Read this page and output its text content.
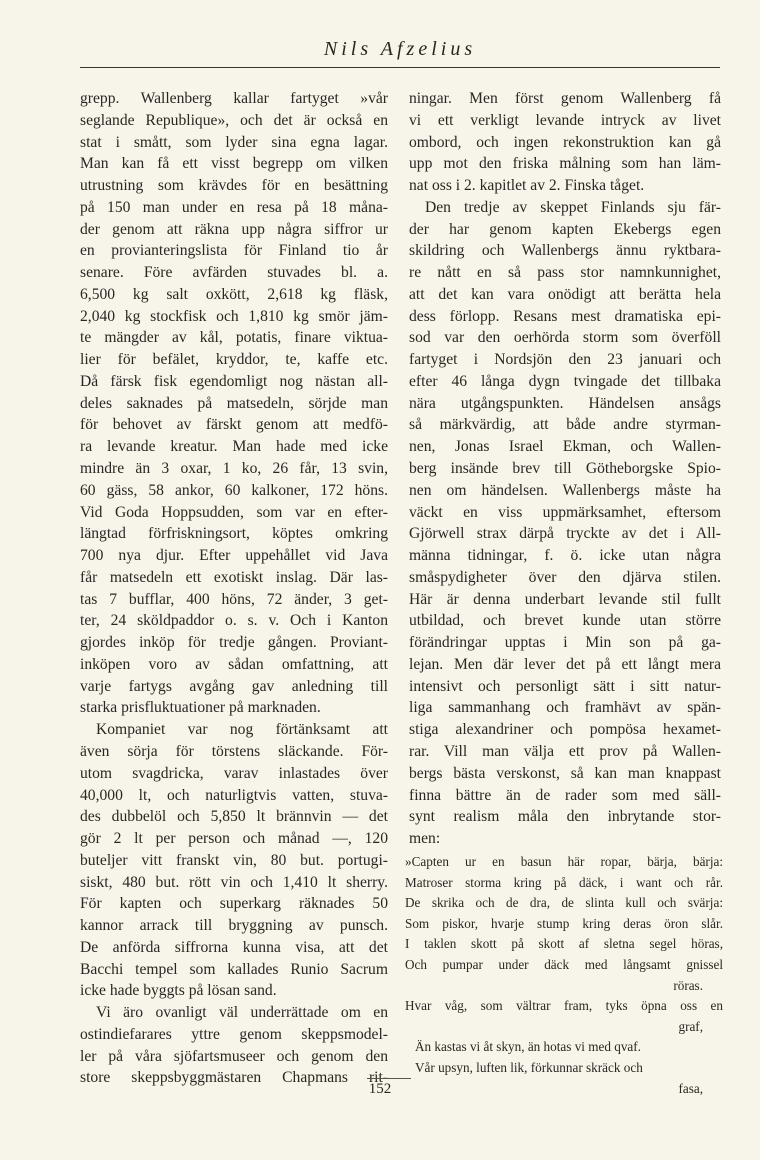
Nils Afzelius
grepp. Wallenberg kallar fartyget »vår
seglande Republique», och det är också en
stat i smått, som lyder sina egna lagar.
Man kan få ett visst begrepp om vilken
utrustning som krävdes för en besättning
på 150 man under en resa på 18 måna-
der genom att räkna upp några siffror ur
en provianteringslista för Finland tio år
senare. Före avfärden stuvades bl. a.
6,500 kg salt oxkött, 2,618 kg fläsk,
2,040 kg stockfisk och 1,810 kg smör jäm-
te mängder av kål, potatis, finare viktua-
lier för befälet, kryddor, te, kaffe etc.
Då färsk fisk egendomligt nog nästan all-
deles saknades på matsedeln, sörjde man
för behovet av färskt genom att medfö-
ra levande kreatur. Man hade med icke
mindre än 3 oxar, 1 ko, 26 får, 13 svin,
60 gäss, 58 ankor, 60 kalkoner, 172 höns.
Vid Goda Hoppsudden, som var en efter-
längtad förfriskningsort, köptes omkring
700 nya djur. Efter uppehållet vid Java
får matsedeln ett exotiskt inslag. Där las-
tas 7 bufflar, 400 höns, 72 änder, 3 get-
ter, 24 sköldpaddor o. s. v. Och i Kanton
gjordes inköp för tredje gången. Proviant-
inköpen voro av sådan omfattning, att
varje fartygs avgång gav anledning till
starka prisfluktuationer på marknaden.
Kompaniet var nog förtänksamt att
även sörja för törstens släckande. För-
utom svagdricka, varav inlastades över
40,000 lt, och naturligtvis vatten, stuva-
des dubbelöl och 5,850 lt brännvin — det
gör 2 lt per person och månad —, 120
buteljer vitt franskt vin, 80 but. portugi-
siskt, 480 but. rött vin och 1,410 lt sherry.
För kapten och superkarg räknades 50
kannor arrack till bryggning av punsch.
De anförda siffrorna kunna visa, att det
Bacchi tempel som kallades Runio Sacrum
icke hade byggts på lösan sand.
Vi äro ovanligt väl underrättade om en
ostindiefarares yttre genom skeppsmodel-
ler på våra sjöfartsmuseer och genom den
store skeppsbyggmästaren Chapmans rit-
ningar. Men först genom Wallenberg få
vi ett verkligt levande intryck av livet
ombord, och ingen rekonstruktion kan gå
upp mot den friska målning som han läm-
nat oss i 2. kapitlet av 2. Finska tåget.
Den tredje av skeppet Finlands sju fär-
der har genom kapten Ekebergs egen
skildring och Wallenbergs ännu ryktbara-
re nått en så pass stor namnkunnighet,
att det kan vara onödigt att berätta hela
dess förlopp. Resans mest dramatiska epi-
sod var den oerhörda storm som överföll
fartyget i Nordsjön den 23 januari och
efter 46 långa dygn tvingade det tillbaka
nära utgångspunkten. Händelsen ansågs
så märkvärdig, att både andre styrman-
nen, Jonas Israel Ekman, och Wallen-
berg insände brev till Götheborgske Spio-
nen om händelsen. Wallenbergs måste ha
väckt en viss uppmärksamhet, eftersom
Gjörwell strax därpå tryckte av det i All-
männa tidningar, f. ö. icke utan några
småspydigheter över den djärva stilen.
Här är denna underbart levande stil fullt
utbildad, och brevet kunde utan större
förändringar upptas i Min son på ga-
lejan. Men där lever det på ett långt mera
intensivt och personligt sätt i sitt natur-
liga sammanhang och framhävt av spän-
stiga alexandriner och pompösa hexamet-
rar. Vill man välja ett prov på Wallen-
bergs bästa verskonst, så kan man knappast
finna bättre än de rader som med säll-
synt realism måla den inbrytande stor-
men:
»Capten ur en basun här ropar, bärja, bärja:
Matroser storma kring på däck, i want och rår.
De skrika och de dra, de slinta kull och svärja:
Som piskor, hvarje stump kring deras öron slår.
I taklen skott på skott af sletna segel höras,
Och pumpar under däck med långsamt gnissel
röras.
Hvar våg, som vältrar fram, tyks öpna oss en
graf,
Än kastas vi åt skyn, än hotas vi med qvaf.
Vår upsyn, luften lik, förkunnar skräck och
fasa,
152
